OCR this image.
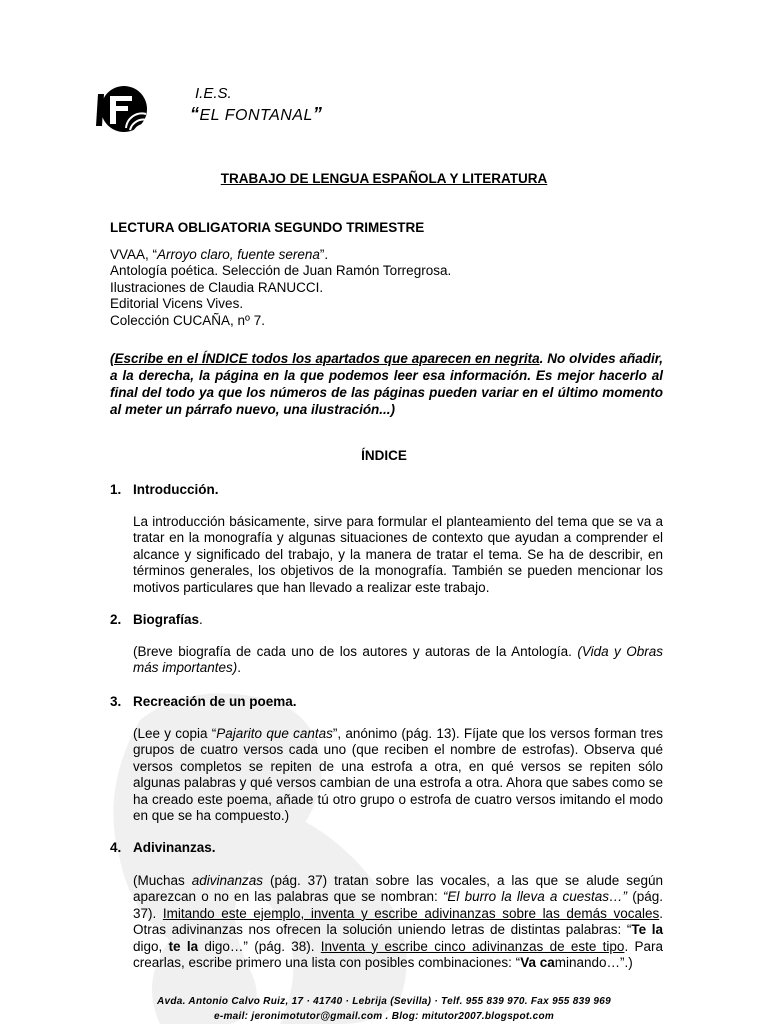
I.E.S.
“EL FONTANAL”
TRABAJO DE LENGUA ESPAÑOLA Y LITERATURA
LECTURA OBLIGATORIA SEGUNDO TRIMESTRE
VVAA, “Arroyo claro, fuente serena”.
Antología poética. Selección de Juan Ramón Torregrosa.
Ilustraciones de Claudia RANUCCI.
Editorial Vicens Vives.
Colección CUCAÑA, nº 7.
(Escribe en el ÍNDICE todos los apartados que aparecen en negrita. No olvides añadir, a la derecha, la página en la que podemos leer esa información. Es mejor hacerlo al final del todo ya que los números de las páginas pueden variar en el último momento al meter un párrafo nuevo, una ilustración...)
ÍNDICE
1. Introducción.
La introducción básicamente, sirve para formular el planteamiento del tema que se va a tratar en la monografía y algunas situaciones de contexto que ayudan a comprender el alcance y significado del trabajo, y la manera de tratar el tema. Se ha de describir, en términos generales, los objetivos de la monografía. También se pueden mencionar los motivos particulares que han llevado a realizar este trabajo.
2. Biografías.
(Breve biografía de cada uno de los autores y autoras de la Antología. (Vida y Obras más importantes).
3. Recreación de un poema.
(Lee y copia “Pajarito que cantas”, anónimo (pág. 13). Fíjate que los versos forman tres grupos de cuatro versos cada uno (que reciben el nombre de estrofas). Observa qué versos completos se repiten de una estrofa a otra, en qué versos se repiten sólo algunas palabras y qué versos cambian de una estrofa a otra. Ahora que sabes como se ha creado este poema, añade tú otro grupo o estrofa de cuatro versos imitando el modo en que se ha compuesto.)
4. Adivinanzas.
(Muchas adivinanzas (pág. 37) tratan sobre las vocales, a las que se alude según aparezcan o no en las palabras que se nombran: “El burro la lleva a cuestas…” (pág. 37). Imitando este ejemplo, inventa y escribe adivinanzas sobre las demás vocales. Otras adivinanzas nos ofrecen la solución uniendo letras de distintas palabras: “Te la digo, te la digo…” (pág. 38). Inventa y escribe cinco adivinanzas de este tipo. Para crearlas, escribe primero una lista con posibles combinaciones: “Va caminando…”.)
Avda. Antonio Calvo Ruiz, 17 · 41740 · Lebrija (Sevilla) · Telf. 955 839 970. Fax 955 839 969
e-mail: jeronimotutor@gmail.com . Blog: mitutor2007.blogspot.com
